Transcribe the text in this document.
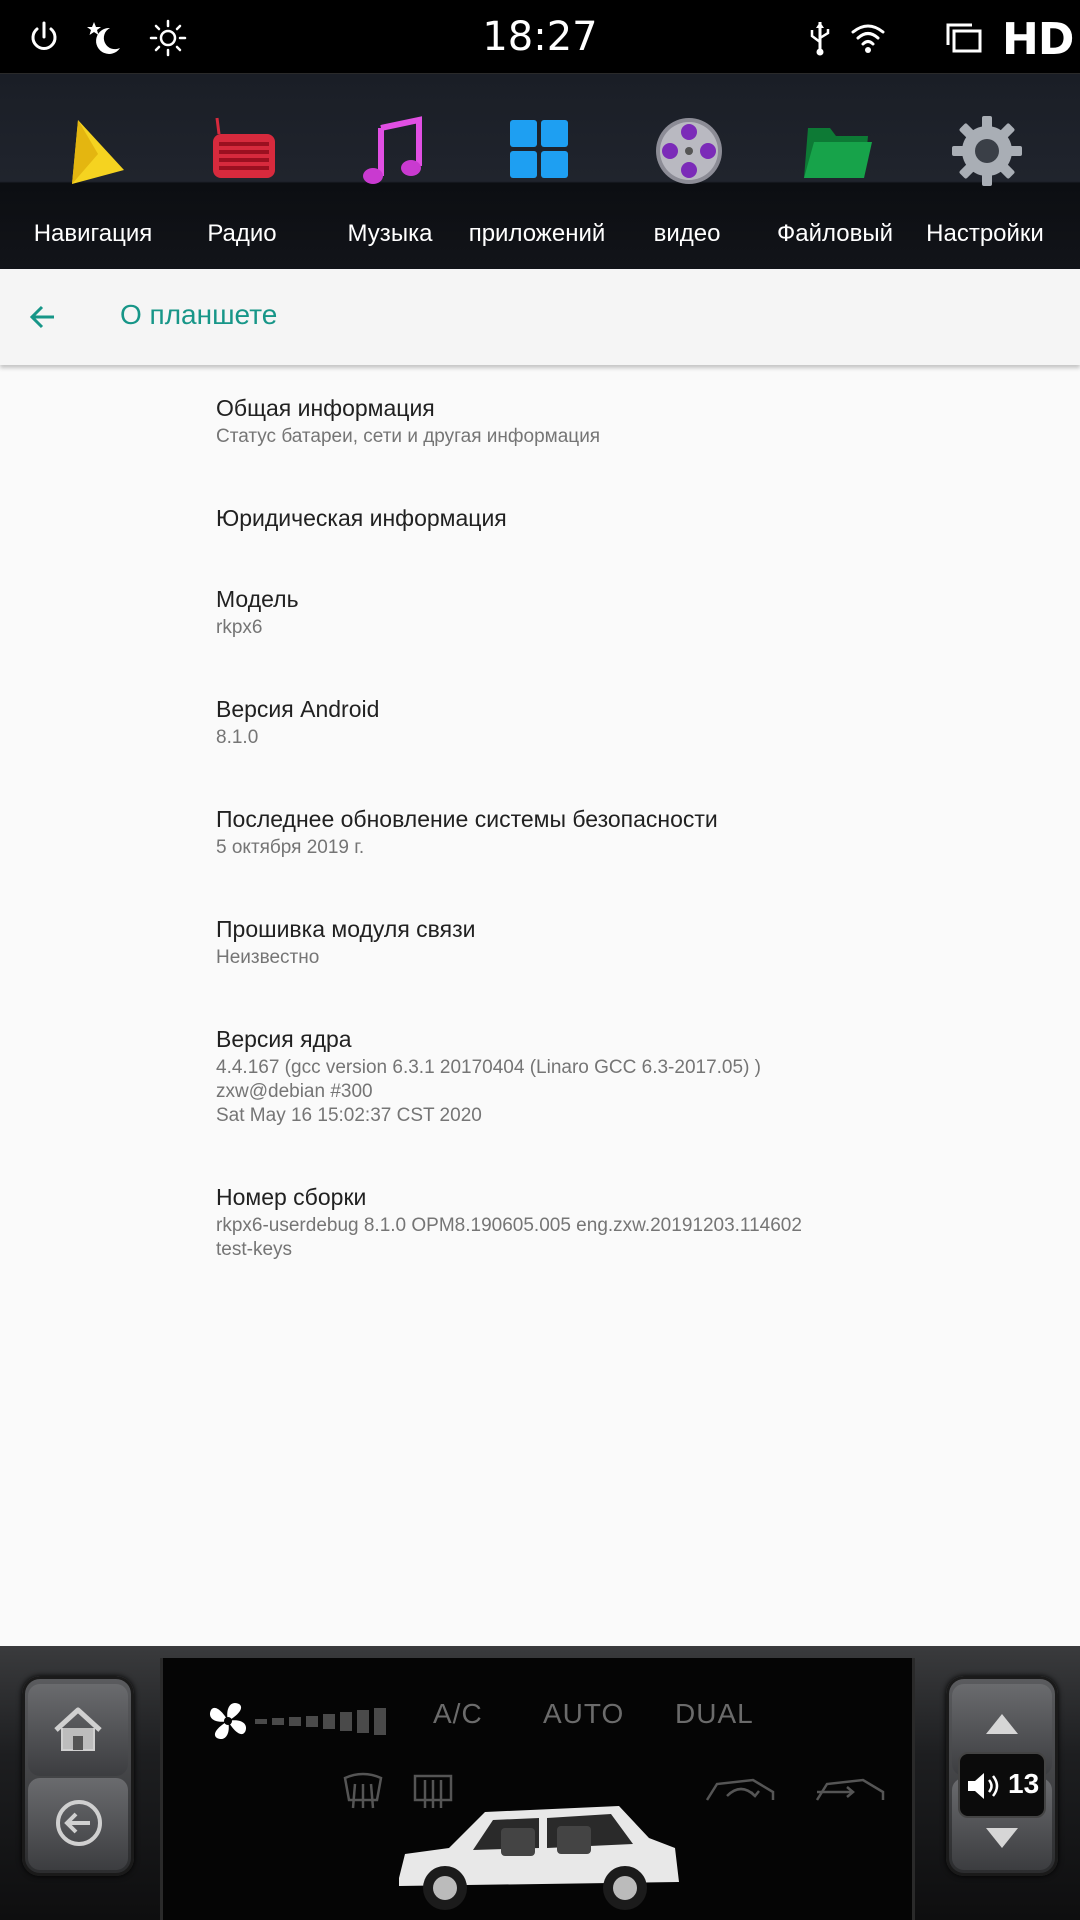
18:27	HD
Навигация	Радио	Музыка	приложений	видео	Файловый	Настройки
О планшете
Общая информация
Статус батареи, сети и другая информация
Юридическая информация
Модель
rkpx6
Версия Android
8.1.0
Последнее обновление системы безопасности
5 октября 2019 г.
Прошивка модуля связи
Неизвестно
Версия ядра
4.4.167 (gcc version 6.3.1 20170404 (Linaro GCC 6.3-2017.05) )
zxw@debian #300
Sat May 16 15:02:37 CST 2020
Номер сборки
rkpx6-userdebug 8.1.0 OPM8.190605.005 eng.zxw.20191203.114602
test-keys
A/C AUTO DUAL
13
